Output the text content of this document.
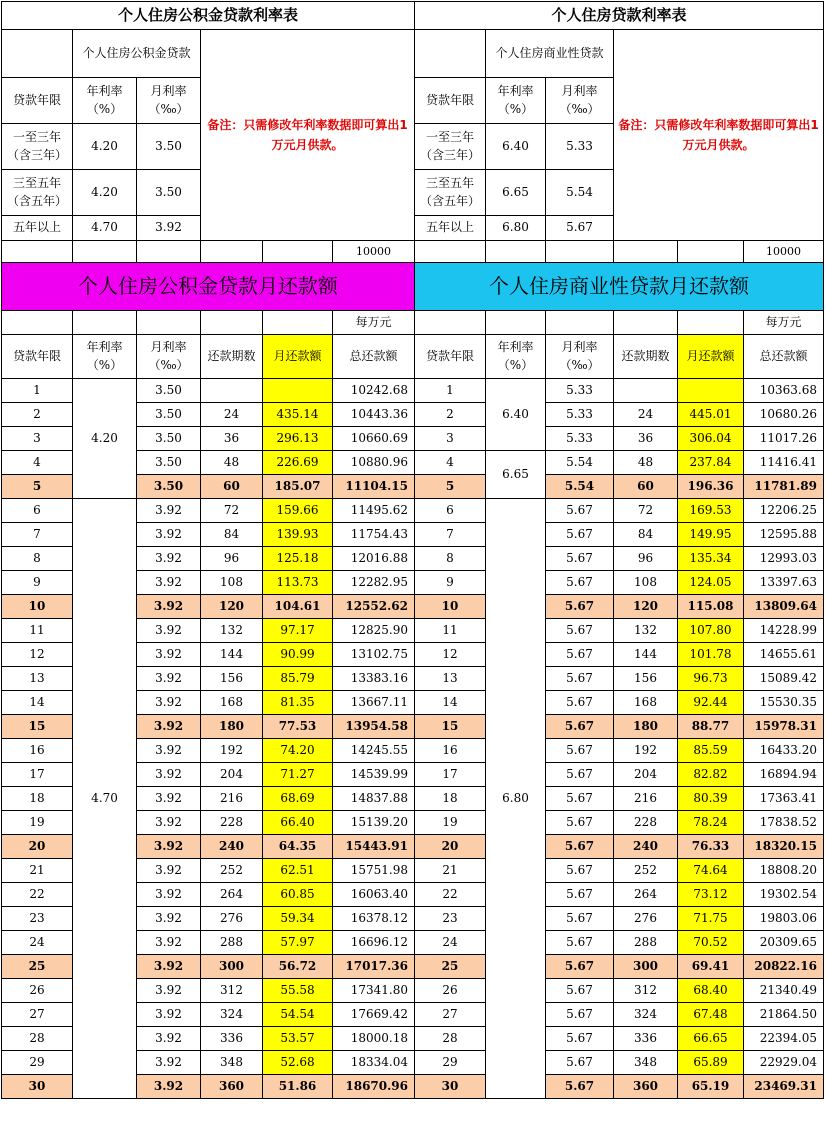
个人住房公积金贷款利率表						个人住房贷款利率表					
	个人住房公积金贷款		备注：只需修改年利率数据即可算出1万元月供款。				个人住房商业性贷款		备注：只需修改年利率数据即可算出1万元月供款。		
贷款年限	年利率（%）	月利率（‰）				贷款年限	年利率（%）	月利率（‰）			
一至三年（含三年）	4.20	3.50				一至三年（含三年）	6.40	5.33			
三至五年（含五年）	4.20	3.50				三至五年（含五年）	6.65	5.54			
五年以上	4.70	3.92				五年以上	6.80	5.67			
					10000						10000
个人住房公积金贷款月还款额						个人住房商业性贷款月还款额					
					每万元						每万元
贷款年限	年利率（%）	月利率（‰）	还款期数	月还款额	总还款额	贷款年限	年利率（%）	月利率（‰）	还款期数	月还款额	总还款额
1	4.20	3.50			10242.68	1	6.40	5.33			10363.68
2		3.50	24	435.14	10443.36	2		5.33	24	445.01	10680.26
3		3.50	36	296.13	10660.69	3		5.33	36	306.04	11017.26
4		3.50	48	226.69	10880.96	4	6.65	5.54	48	237.84	11416.41
5		3.50	60	185.07	11104.15	5		5.54	60	196.36	11781.89
6	4.70	3.92	72	159.66	11495.62	6	6.80	5.67	72	169.53	12206.25
7		3.92	84	139.93	11754.43	7		5.67	84	149.95	12595.88
8		3.92	96	125.18	12016.88	8		5.67	96	135.34	12993.03
9		3.92	108	113.73	12282.95	9		5.67	108	124.05	13397.63
10		3.92	120	104.61	12552.62	10		5.67	120	115.08	13809.64
11		3.92	132	97.17	12825.90	11		5.67	132	107.80	14228.99
12		3.92	144	90.99	13102.75	12		5.67	144	101.78	14655.61
13		3.92	156	85.79	13383.16	13		5.67	156	96.73	15089.42
14		3.92	168	81.35	13667.11	14		5.67	168	92.44	15530.35
15		3.92	180	77.53	13954.58	15		5.67	180	88.77	15978.31
16		3.92	192	74.20	14245.55	16		5.67	192	85.59	16433.20
17		3.92	204	71.27	14539.99	17		5.67	204	82.82	16894.94
18		3.92	216	68.69	14837.88	18		5.67	216	80.39	17363.41
19		3.92	228	66.40	15139.20	19		5.67	228	78.24	17838.52
20		3.92	240	64.35	15443.91	20		5.67	240	76.33	18320.15
21		3.92	252	62.51	15751.98	21		5.67	252	74.64	18808.20
22		3.92	264	60.85	16063.40	22		5.67	264	73.12	19302.54
23		3.92	276	59.34	16378.12	23		5.67	276	71.75	19803.06
24		3.92	288	57.97	16696.12	24		5.67	288	70.52	20309.65
25		3.92	300	56.72	17017.36	25		5.67	300	69.41	20822.16
26		3.92	312	55.58	17341.80	26		5.67	312	68.40	21340.49
27		3.92	324	54.54	17669.42	27		5.67	324	67.48	21864.50
28		3.92	336	53.57	18000.18	28		5.67	336	66.65	22394.05
29		3.92	348	52.68	18334.04	29		5.67	348	65.89	22929.04
30		3.92	360	51.86	18670.96	30		5.67	360	65.19	23469.31
